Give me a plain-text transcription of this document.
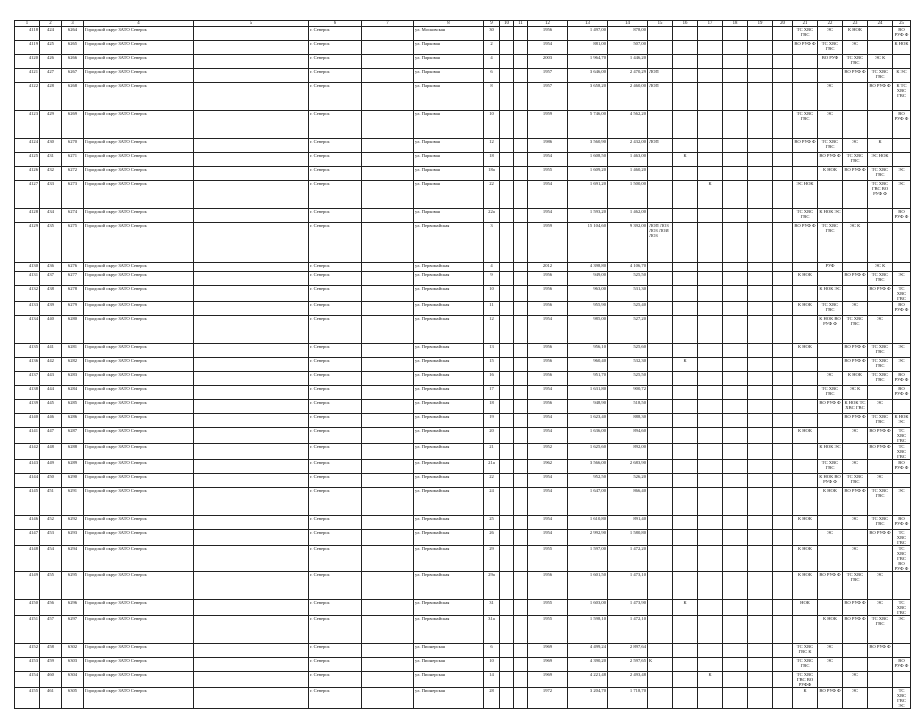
1	2	3	4	5	6	7	8	9	10	11	12	13	14	15	16	17	18	19	20	21	22	23	24	25
4118	424	6264	Городской округ ЗАТО Северск		г. Северск		ул. Московская	30			1956	1 497,00	878,00							ТС ХВС ГВС	ЭС	К НОК		ВО РУФ Ф
4119	425	6265	Городской округ ЗАТО Северск		г. Северск		ул. Парковая	2			1954	881,00	507,00							ВО РУФ Ф	ТС ХВС ГВС	ЭС		К НОК
4120	426	6266	Городской округ ЗАТО Северск		г. Северск		ул. Парковая	4			2003	1 964,70	1 446,20								ВО РУФ	ТС ХВС ГВС	ЭС К	
4121	427	6267	Городской округ ЗАТО Северск		г. Северск		ул. Парковая	6			1957	3 646,00	2 470,29	ЛОП								ВО РУФ Ф	ТС ХВС ГВС	К ЭС
4122	428	6268	Городской округ ЗАТО Северск		г. Северск		ул. Парковая	8			1957	3 658,20	2 460,00	ЛОП							ЭС		ВО РУФ Ф	К ТС ХВС ГВС
4123	429	6269	Городской округ ЗАТО Северск		г. Северск		ул. Парковая	10			1959	5 746,00	4 562,20							ТС ХВС ГВС	ЭС			ВО РУФ Ф
4124	430	6270	Городской округ ЗАТО Северск		г. Северск		ул. Парковая	12			1986	3 560,90	2 432,00	ЛОП						ВО РУФ Ф	ТС ХВС ГВС	ЭС	К	
4125	431	6271	Городской округ ЗАТО Северск		г. Северск		ул. Парковая	18			1954	1 608,50	1 463,00		К						ВО РУФ Ф	ТС ХВС ГВС	ЭС НОК	
4126	432	6272	Городской округ ЗАТО Северск		г. Северск		ул. Парковая	18а			1955	1 609,20	1 460,20								К НОК	ВО РУФ Ф	ТС ХВС ГВС	ЭС
4127	433	6273	Городской округ ЗАТО Северск		г. Северск		ул. Парковая	22			1954	1 691,20	1 500,00			К				ЭС НОК			ТС ХВС ГВС ВО РУФ Ф	ЭС
4128	434	6274	Городской округ ЗАТО Северск		г. Северск		ул. Парковая	22а			1954	1 593,20	1 462,00							ТС ХВС ГВС	К НОК ЭС			ВО РУФ Ф
4129	435	6275	Городской округ ЗАТО Северск		г. Северск		ул. Первомайская	3			1959	15 104,60	9 392,00	ЛОП ЛОЗ ЛОЗ ЛОИ ЛОЗ						ВО РУФ Ф	ТС ХВС ГВС	ЭС К		
4130	436	6276	Городской округ ЗАТО Северск		г. Северск		ул. Первомайская	4			2012	4 398,80	4 106,70								РУФ		ЭС К	
4131	437	6277	Городской округ ЗАТО Северск		г. Северск		ул. Первомайская	9			1956	949,00	525,50							К НОК		ВО РУФ Ф	ТС ХВС ГВС	ЭС
4132	438	6278	Городской округ ЗАТО Северск		г. Северск		ул. Первомайская	10			1956	963,00	531,30								К НОК ЭС		ВО РУФ Ф	ТС ХВС ГВС
4133	439	6279	Городской округ ЗАТО Северск		г. Северск		ул. Первомайская	11			1956	955,90	525,40							К НОК	ТС ХВС ГВС	ЭС		ВО РУФ Ф
4134	440	6280	Городской округ ЗАТО Северск		г. Северск		ул. Первомайская	12			1954	985,00	527,20								К НОК ВО РУФ Ф	ТС ХВС ГВС	ЭС	
4135	441	6281	Городской округ ЗАТО Северск		г. Северск		ул. Первомайская	13			1956	956,10	525,60							К НОК		ВО РУФ Ф	ТС ХВС ГВС	ЭС
4136	442	6282	Городской округ ЗАТО Северск		г. Северск		ул. Первомайская	15			1956	960,40	532,30		К							ВО РУФ Ф	ТС ХВС ГВС	ЭС
4137	443	6283	Городской округ ЗАТО Северск		г. Северск		ул. Первомайская	16			1956	951,70	525,50								ЭС	К НОК	ТС ХВС ГВС	ВО РУФ Ф
4138	444	6284	Городской округ ЗАТО Северск		г. Северск		ул. Первомайская	17			1954	1 631,80	900,72								ТС ХВС ГВС	ЭС К		ВО РУФ Ф
4139	445	6285	Городской округ ЗАТО Северск		г. Северск		ул. Первомайская	18			1956	948,90	518,50								ВО РУФ Ф	К НОК ТС ХВС ГВС	ЭС	
4140	446	6286	Городской округ ЗАТО Северск		г. Северск		ул. Первомайская	19			1954	1 623,40	888,30									ВО РУФ Ф	ТС ХВС ГВС	К НОК ЭС
4141	447	6287	Городской округ ЗАТО Северск		г. Северск		ул. Первомайская	20			1954	1 636,00	894,60							К НОК		ЭС	ВО РУФ Ф	ТС ХВС ГВС
4142	448	6288	Городской округ ЗАТО Северск		г. Северск		ул. Первомайская	21			1952	1 625,60	892,00								К НОК ЭС		ВО РУФ Ф	ТС ХВС ГВС
4143	449	6289	Городской округ ЗАТО Северск		г. Северск		ул. Первомайская	21а			1962	3 566,00	2 683,90								ТС ХВС ГВС	ЭС		ВО РУФ Ф
4144	450	6290	Городской округ ЗАТО Северск		г. Северск		ул. Первомайская	22			1954	952,50	526,20								К НОК ВО РУФ Ф	ТС ХВС ГВС	ЭС	
4145	451	6291	Городской округ ЗАТО Северск		г. Северск		ул. Первомайская	24			1954	1 647,00	866,40								К НОК	ВО РУФ Ф	ТС ХВС ГВС	ЭС
4146	452	6292	Городской округ ЗАТО Северск		г. Северск		ул. Первомайская	25			1954	1 610,80	891,40							К НОК		ЭС	ТС ХВС ГВС	ВО РУФ Ф
4147	453	6293	Городской округ ЗАТО Северск		г. Северск		ул. Первомайская	26			1954	2 992,90	1 580,80								ЭС		ВО РУФ Ф	ТС ХВС ГВС
4148	454	6294	Городской округ ЗАТО Северск		г. Северск		ул. Первомайская	29			1955	1 597,00	1 472,20							К НОК		ЭС		ТС ХВС ГВС ВО РУФ Ф
4149	455	6295	Городской округ ЗАТО Северск		г. Северск		ул. Первомайская	29а			1956	1 601,50	1 473,10							К НОК	ВО РУФ Ф	ТС ХВС ГВС	ЭС	
4150	456	6296	Городской округ ЗАТО Северск		г. Северск		ул. Первомайская	31			1955	1 603,00	1 473,90		К					НОК		ВО РУФ Ф	ЭС	ТС ХВС ГВС
4151	457	6297	Городской округ ЗАТО Северск		г. Северск		ул. Первомайская	31а			1955	1 598,10	1 472,10								К НОК	ВО РУФ Ф	ТС ХВС ГВС	ЭС
4152	458	6302	Городской округ ЗАТО Северск		г. Северск		ул. Пионерская	6			1969	4 499,24	2 897,64							ТС ХВС ГВС К	ЭС		ВО РУФ Ф	
4153	459	6303	Городской округ ЗАТО Северск		г. Северск		ул. Пионерская	10			1969	4 390,20	2 597,65	К						ТС ХВС ГВС	ЭС			ВО РУФ Ф
4154	460	6304	Городской округ ЗАТО Северск		г. Северск		ул. Пионерская	14			1969	4 221,48	2 493,48			К				ТС ХВС ГВС ВО РУФФ		ЭС		
4155	461	6305	Городской округ ЗАТО Северск		г. Северск		ул. Пионерская	28			1972	3 204,70	1 718,70							К	ВО РУФ Ф	ЭС		ТС ХВС ГВС ЭС
